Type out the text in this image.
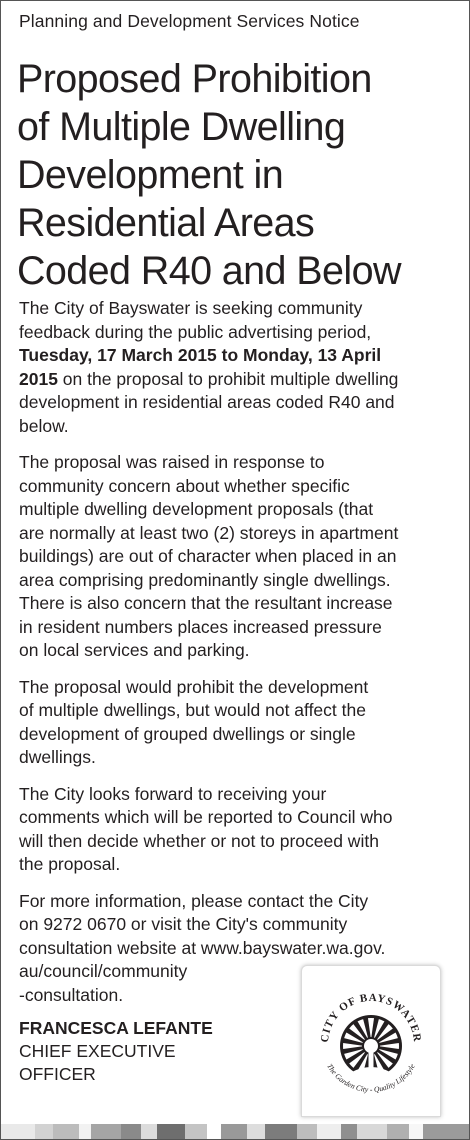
Planning and Development Services Notice
Proposed Prohibition
of Multiple Dwelling
Development in
Residential Areas
Coded R40 and Below

The City of Bayswater is seeking community
feedback during the public advertising period,
Tuesday, 17 March 2015 to Monday, 13 April
2015 on the proposal to prohibit multiple dwelling
development in residential areas coded R40 and
below.

The proposal was raised in response to
community concern about whether specific
multiple dwelling development proposals (that
are normally at least two (2) storeys in apartment
buildings) are out of character when placed in an
area comprising predominantly single dwellings.
There is also concern that the resultant increase
in resident numbers places increased pressure
on local services and parking.

The proposal would prohibit the development
of multiple dwellings, but would not affect the
development of grouped dwellings or single
dwellings.

The City looks forward to receiving your
comments which will be reported to Council who
will then decide whether or not to proceed with
the proposal.

For more information, please contact the City
on 9272 0670 or visit the City's community
consultation website at www.bayswater.wa.gov.
au/council/community
-consultation.

FRANCESCA LEFANTE
CHIEF EXECUTIVE
OFFICER
CITY OF BAYSWATER
The Garden City - Quality Lifestyle
